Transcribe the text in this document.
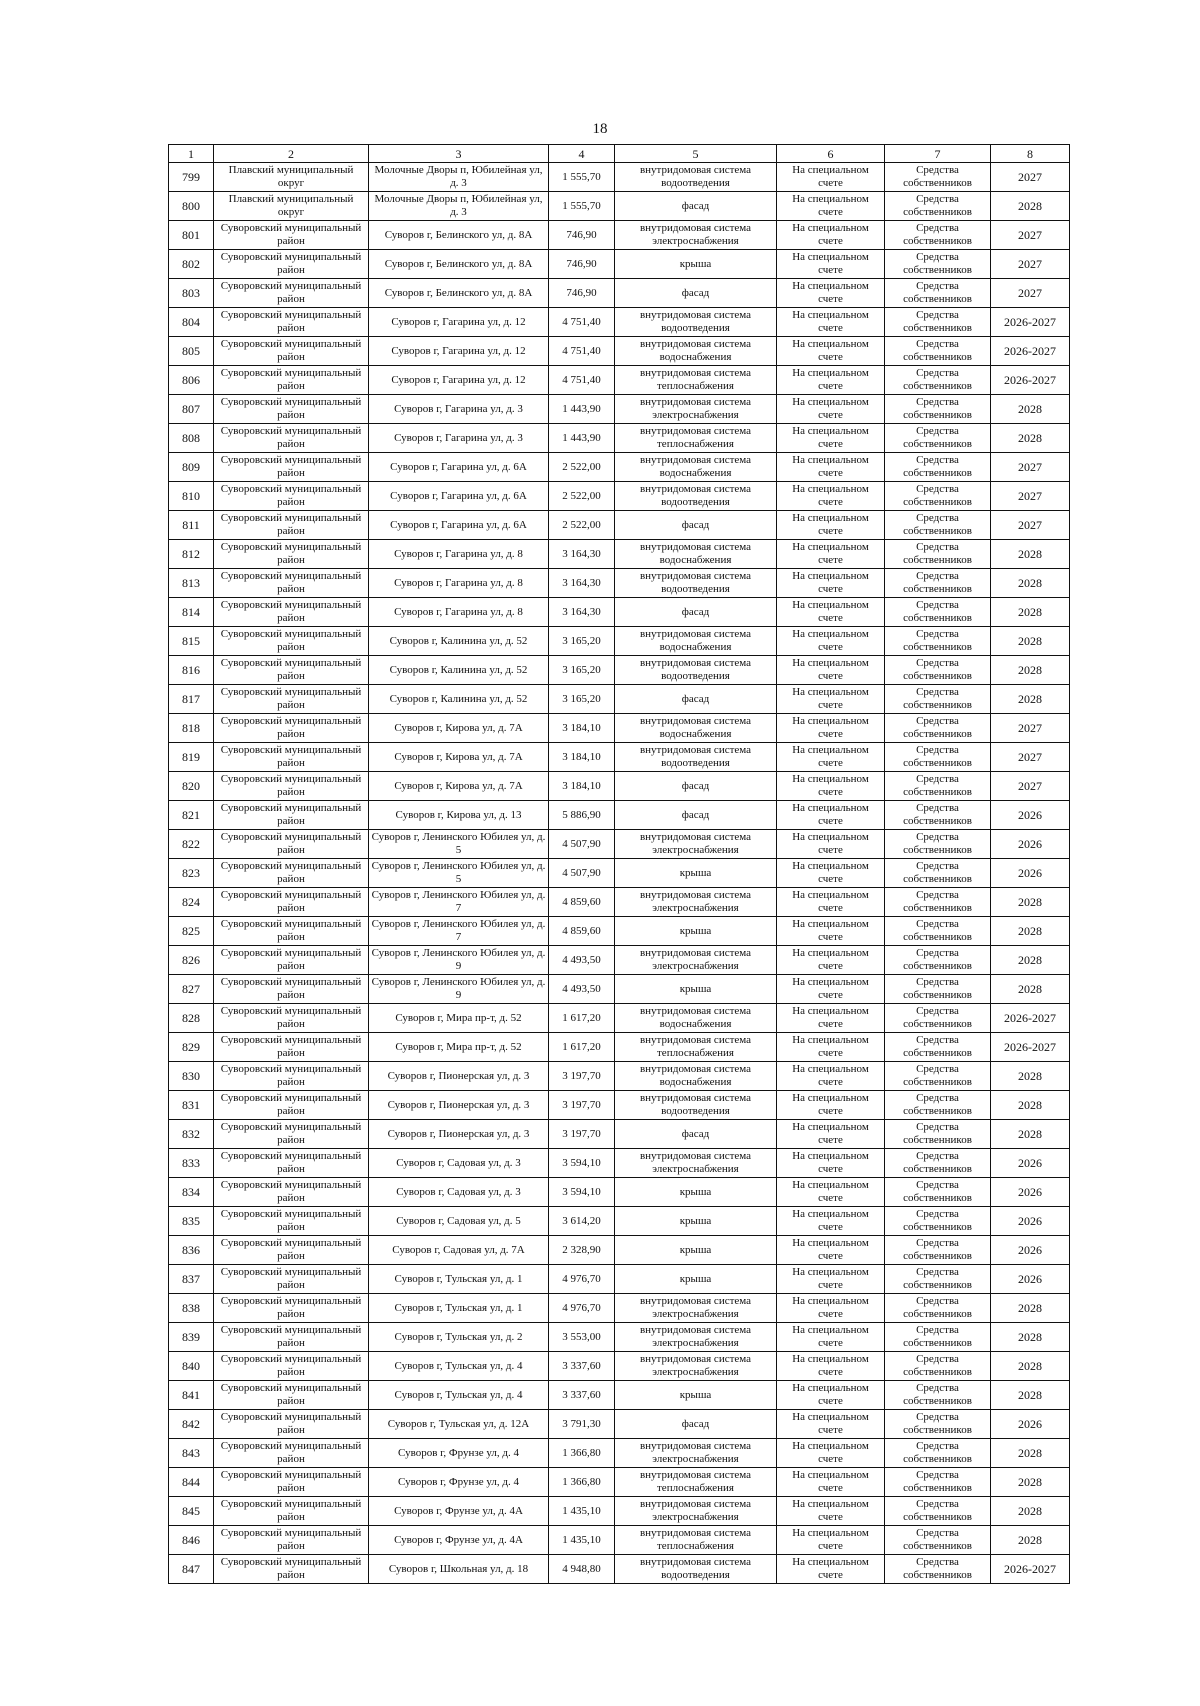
18
1	2	3	4	5	6	7	8
799	Плавский муниципальный округ	Молочные Дворы п, Юбилейная ул, д. 3	1 555,70	внутридомовая система водоотведения	На специальном счете	Средства собственников	2027
800	Плавский муниципальный округ	Молочные Дворы п, Юбилейная ул, д. 3	1 555,70	фасад	На специальном счете	Средства собственников	2028
801	Суворовский муниципальный район	Суворов г, Белинского ул, д. 8А	746,90	внутридомовая система электроснабжения	На специальном счете	Средства собственников	2027
802	Суворовский муниципальный район	Суворов г, Белинского ул, д. 8А	746,90	крыша	На специальном счете	Средства собственников	2027
803	Суворовский муниципальный район	Суворов г, Белинского ул, д. 8А	746,90	фасад	На специальном счете	Средства собственников	2027
804	Суворовский муниципальный район	Суворов г, Гагарина ул, д. 12	4 751,40	внутридомовая система водоотведения	На специальном счете	Средства собственников	2026-2027
805	Суворовский муниципальный район	Суворов г, Гагарина ул, д. 12	4 751,40	внутридомовая система водоснабжения	На специальном счете	Средства собственников	2026-2027
806	Суворовский муниципальный район	Суворов г, Гагарина ул, д. 12	4 751,40	внутридомовая система теплоснабжения	На специальном счете	Средства собственников	2026-2027
807	Суворовский муниципальный район	Суворов г, Гагарина ул, д. 3	1 443,90	внутридомовая система электроснабжения	На специальном счете	Средства собственников	2028
808	Суворовский муниципальный район	Суворов г, Гагарина ул, д. 3	1 443,90	внутридомовая система теплоснабжения	На специальном счете	Средства собственников	2028
809	Суворовский муниципальный район	Суворов г, Гагарина ул, д. 6А	2 522,00	внутридомовая система водоснабжения	На специальном счете	Средства собственников	2027
810	Суворовский муниципальный район	Суворов г, Гагарина ул, д. 6А	2 522,00	внутридомовая система водоотведения	На специальном счете	Средства собственников	2027
811	Суворовский муниципальный район	Суворов г, Гагарина ул, д. 6А	2 522,00	фасад	На специальном счете	Средства собственников	2027
812	Суворовский муниципальный район	Суворов г, Гагарина ул, д. 8	3 164,30	внутридомовая система водоснабжения	На специальном счете	Средства собственников	2028
813	Суворовский муниципальный район	Суворов г, Гагарина ул, д. 8	3 164,30	внутридомовая система водоотведения	На специальном счете	Средства собственников	2028
814	Суворовский муниципальный район	Суворов г, Гагарина ул, д. 8	3 164,30	фасад	На специальном счете	Средства собственников	2028
815	Суворовский муниципальный район	Суворов г, Калинина ул, д. 52	3 165,20	внутридомовая система водоснабжения	На специальном счете	Средства собственников	2028
816	Суворовский муниципальный район	Суворов г, Калинина ул, д. 52	3 165,20	внутридомовая система водоотведения	На специальном счете	Средства собственников	2028
817	Суворовский муниципальный район	Суворов г, Калинина ул, д. 52	3 165,20	фасад	На специальном счете	Средства собственников	2028
818	Суворовский муниципальный район	Суворов г, Кирова ул, д. 7А	3 184,10	внутридомовая система водоснабжения	На специальном счете	Средства собственников	2027
819	Суворовский муниципальный район	Суворов г, Кирова ул, д. 7А	3 184,10	внутридомовая система водоотведения	На специальном счете	Средства собственников	2027
820	Суворовский муниципальный район	Суворов г, Кирова ул, д. 7А	3 184,10	фасад	На специальном счете	Средства собственников	2027
821	Суворовский муниципальный район	Суворов г, Кирова ул, д. 13	5 886,90	фасад	На специальном счете	Средства собственников	2026
822	Суворовский муниципальный район	Суворов г, Ленинского Юбилея ул, д. 5	4 507,90	внутридомовая система электроснабжения	На специальном счете	Средства собственников	2026
823	Суворовский муниципальный район	Суворов г, Ленинского Юбилея ул, д. 5	4 507,90	крыша	На специальном счете	Средства собственников	2026
824	Суворовский муниципальный район	Суворов г, Ленинского Юбилея ул, д. 7	4 859,60	внутридомовая система электроснабжения	На специальном счете	Средства собственников	2028
825	Суворовский муниципальный район	Суворов г, Ленинского Юбилея ул, д. 7	4 859,60	крыша	На специальном счете	Средства собственников	2028
826	Суворовский муниципальный район	Суворов г, Ленинского Юбилея ул, д. 9	4 493,50	внутридомовая система электроснабжения	На специальном счете	Средства собственников	2028
827	Суворовский муниципальный район	Суворов г, Ленинского Юбилея ул, д. 9	4 493,50	крыша	На специальном счете	Средства собственников	2028
828	Суворовский муниципальный район	Суворов г, Мира пр-т, д. 52	1 617,20	внутридомовая система водоснабжения	На специальном счете	Средства собственников	2026-2027
829	Суворовский муниципальный район	Суворов г, Мира пр-т, д. 52	1 617,20	внутридомовая система теплоснабжения	На специальном счете	Средства собственников	2026-2027
830	Суворовский муниципальный район	Суворов г, Пионерская ул, д. 3	3 197,70	внутридомовая система водоснабжения	На специальном счете	Средства собственников	2028
831	Суворовский муниципальный район	Суворов г, Пионерская ул, д. 3	3 197,70	внутридомовая система водоотведения	На специальном счете	Средства собственников	2028
832	Суворовский муниципальный район	Суворов г, Пионерская ул, д. 3	3 197,70	фасад	На специальном счете	Средства собственников	2028
833	Суворовский муниципальный район	Суворов г, Садовая ул, д. 3	3 594,10	внутридомовая система электроснабжения	На специальном счете	Средства собственников	2026
834	Суворовский муниципальный район	Суворов г, Садовая ул, д. 3	3 594,10	крыша	На специальном счете	Средства собственников	2026
835	Суворовский муниципальный район	Суворов г, Садовая ул, д. 5	3 614,20	крыша	На специальном счете	Средства собственников	2026
836	Суворовский муниципальный район	Суворов г, Садовая ул, д. 7А	2 328,90	крыша	На специальном счете	Средства собственников	2026
837	Суворовский муниципальный район	Суворов г, Тульская ул, д. 1	4 976,70	крыша	На специальном счете	Средства собственников	2026
838	Суворовский муниципальный район	Суворов г, Тульская ул, д. 1	4 976,70	внутридомовая система электроснабжения	На специальном счете	Средства собственников	2028
839	Суворовский муниципальный район	Суворов г, Тульская ул, д. 2	3 553,00	внутридомовая система электроснабжения	На специальном счете	Средства собственников	2028
840	Суворовский муниципальный район	Суворов г, Тульская ул, д. 4	3 337,60	внутридомовая система электроснабжения	На специальном счете	Средства собственников	2028
841	Суворовский муниципальный район	Суворов г, Тульская ул, д. 4	3 337,60	крыша	На специальном счете	Средства собственников	2028
842	Суворовский муниципальный район	Суворов г, Тульская ул, д. 12А	3 791,30	фасад	На специальном счете	Средства собственников	2026
843	Суворовский муниципальный район	Суворов г, Фрунзе ул, д. 4	1 366,80	внутридомовая система электроснабжения	На специальном счете	Средства собственников	2028
844	Суворовский муниципальный район	Суворов г, Фрунзе ул, д. 4	1 366,80	внутридомовая система теплоснабжения	На специальном счете	Средства собственников	2028
845	Суворовский муниципальный район	Суворов г, Фрунзе ул, д. 4А	1 435,10	внутридомовая система электроснабжения	На специальном счете	Средства собственников	2028
846	Суворовский муниципальный район	Суворов г, Фрунзе ул, д. 4А	1 435,10	внутридомовая система теплоснабжения	На специальном счете	Средства собственников	2028
847	Суворовский муниципальный район	Суворов г, Школьная ул, д. 18	4 948,80	внутридомовая система водоотведения	На специальном счете	Средства собственников	2026-2027
